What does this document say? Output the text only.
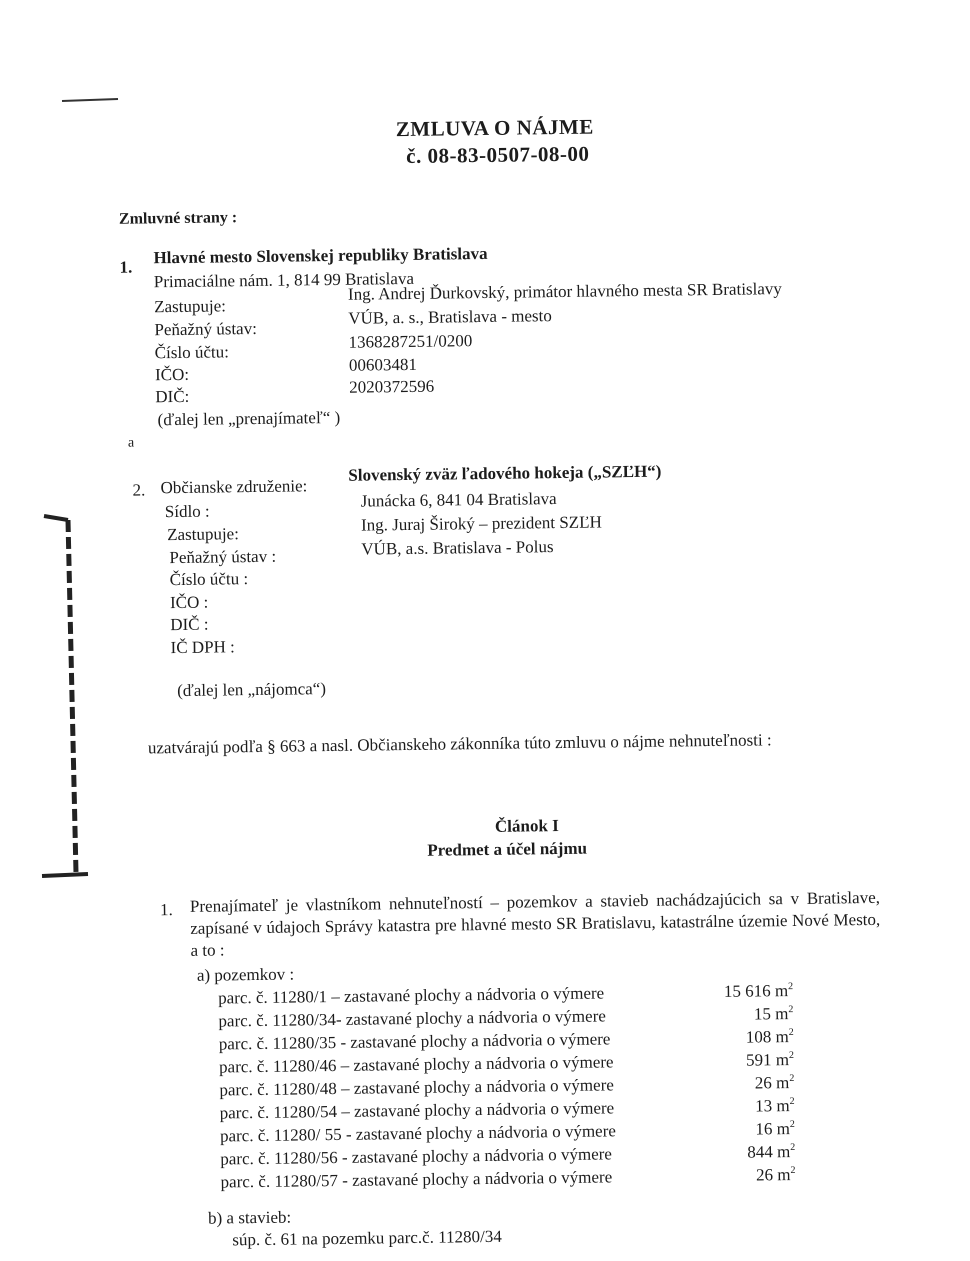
ZMLUVA O NÁJME
č. 08-83-0507-08-00
Zmluvné strany :
1. Hlavné mesto Slovenskej republiky Bratislava
Primaciálne nám. 1, 814 99 Bratislava
Zastupuje:
Ing. Andrej Ďurkovský, primátor hlavného mesta SR Bratislavy
Peňažný ústav:
VÚB, a. s., Bratislava - mesto
Číslo účtu:
1368287251/0200
IČO:	00603481
DIČ:	2020372596
(ďalej len „prenajímateľ“ )
a
2. Občianske združenie:
Slovenský zväz ľadového hokeja („SZĽH“)
Sídlo :
Junácka 6, 841 04 Bratislava
Zastupuje:	Ing. Juraj Široký – prezident SZĽH
Peňažný ústav :	VÚB, a.s. Bratislava - Polus
Číslo účtu :
IČO :
DIČ :
IČ DPH :
(ďalej len „nájomca“)
uzatvárajú podľa § 663 a nasl. Občianskeho zákonníka túto zmluvu o nájme nehnuteľnosti :
Článok I
Predmet a účel nájmu
1. Prenajímateľ je vlastníkom nehnuteľností – pozemkov a stavieb nachádzajúcich sa v Bratislave, zapísané v údajoch Správy katastra pre hlavné mesto SR Bratislavu, katastrálne územie Nové Mesto, a to :
a) pozemkov :
parc. č. 11280/1 – zastavané plochy a nádvoria o výmere	15 616 $m^2$
parc. č. 11280/34- zastavané plochy a nádvoria o výmere	15 $m^2$
parc. č. 11280/35 - zastavané plochy a nádvoria o výmere	108 $m^2$
parc. č. 11280/46 – zastavané plochy a nádvoria o výmere	591 $m^2$
parc. č. 11280/48 – zastavané plochy a nádvoria o výmere	26 $m^2$
parc. č. 11280/54 – zastavané plochy a nádvoria o výmere	13 $m^2$
parc. č. 11280/ 55 - zastavané plochy a nádvoria o výmere	16 $m^2$
parc. č. 11280/56 - zastavané plochy a nádvoria o výmere	844 $m^2$
parc. č. 11280/57 - zastavané plochy a nádvoria o výmere	26 $m^2$
b) a stavieb:
súp. č. 61 na pozemku parc.č. 11280/34
